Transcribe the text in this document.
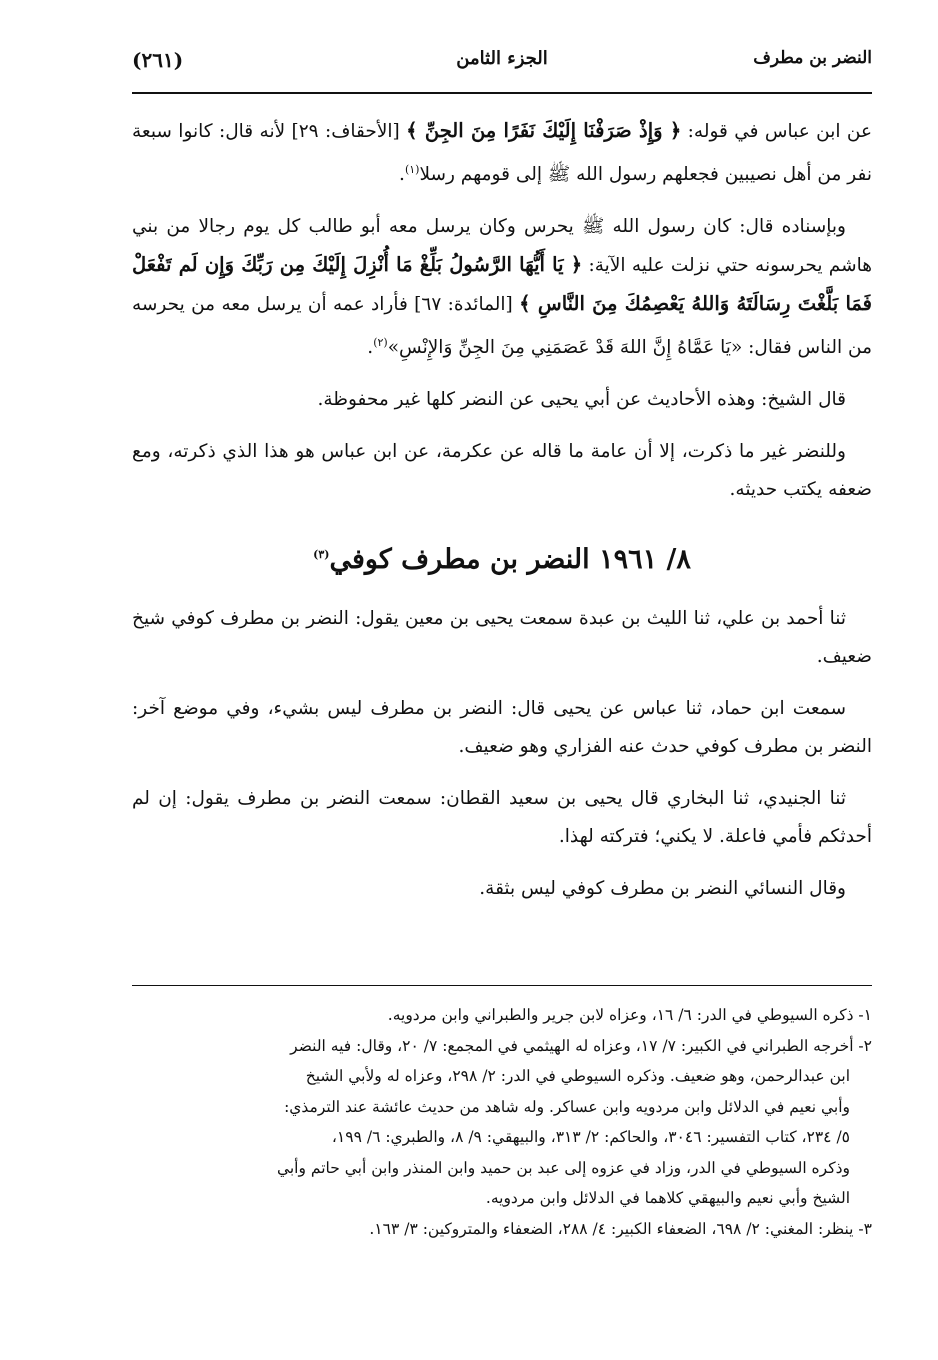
النضر بن مطرف
الجزء الثامن
(٢٦١)

عن ابن عباس في قوله: ﴿ وَإِذْ صَرَفْنَا إِلَيْكَ نَفَرًا مِنَ الجِنِّ ﴾ [الأحقاف: ٢٩] لأنه قال: كانوا سبعة نفر من أهل نصيبين فجعلهم رسول الله ﷺ إلى قومهم رسلا$^{(١)}$.

وبإسناده قال: كان رسول الله ﷺ يحرس وكان يرسل معه أبو طالب كل يوم رجالا من بني هاشم يحرسونه حتي نزلت عليه الآية: ﴿ يَا أَيُّهَا الرَّسُولُ بَلِّغْ مَا أُنْزِلَ إِلَيْكَ مِن رَبِّكَ وَإِن لَم تَفْعَلْ فَمَا بَلَّغْتَ رِسَالَتَهُ وَاللهُ يَعْصِمُكَ مِنَ النَّاسِ ﴾ [المائدة: ٦٧] فأراد عمه أن يرسل معه من يحرسه من الناس فقال: «يَا عَمَّاهُ إِنَّ اللهَ قَدْ عَصَمَنِي مِنَ الجِنِّ وَالإِنْسِ»$^{(٢)}$.

قال الشيخ: وهذه الأحاديث عن أبي يحيى عن النضر كلها غير محفوظة.

وللنضر غير ما ذكرت، إلا أن عامة ما قاله عن عكرمة، عن ابن عباس هو هذا الذي ذكرته، ومع ضعفه يكتب حديثه.

٨/ ١٩٦١ النضر بن مطرف كوفي$^{(٣)}$

ثنا أحمد بن علي، ثنا الليث بن عبدة سمعت يحيى بن معين يقول: النضر بن مطرف كوفي شيخ ضعيف.

سمعت ابن حماد، ثنا عباس عن يحيى قال: النضر بن مطرف ليس بشيء، وفي موضع آخر: النضر بن مطرف كوفي حدث عنه الفزاري وهو ضعيف.

ثنا الجنيدي، ثنا البخاري قال يحيى بن سعيد القطان: سمعت النضر بن مطرف يقول: إن لم أحدثكم فأمي فاعلة. لا يكني؛ فتركته لهذا.

وقال النسائي النضر بن مطرف كوفي ليس بثقة.

١- ذكره السيوطي في الدر: ٦/ ١٦، وعزاه لابن جرير والطبراني وابن مردويه.

٢- أخرجه الطبراني في الكبير: ٧/ ١٧، وعزاه له الهيثمي في المجمع: ٧/ ٢٠، وقال: فيه النضر

ابن عبدالرحمن، وهو ضعيف. وذكره السيوطي في الدر: ٢/ ٢٩٨، وعزاه له ولأبي الشيخ

وأبي نعيم في الدلائل وابن مردويه وابن عساكر. وله شاهد من حديث عائشة عند الترمذي:

٥/ ٢٣٤، كتاب التفسير: ٣٠٤٦، والحاكم: ٢/ ٣١٣، والبيهقي: ٩/ ٨، والطبري: ٦/ ١٩٩،

وذكره السيوطي في الدر، وزاد في عزوه إلى عبد بن حميد وابن المنذر وابن أبي حاتم وأبي

الشيخ وأبي نعيم والبيهقي كلاهما في الدلائل وابن مردويه.

٣- ينظر: المغني: ٢/ ٦٩٨، الضعفاء الكبير: ٤/ ٢٨٨، الضعفاء والمتروكين: ٣/ ١٦٣.
